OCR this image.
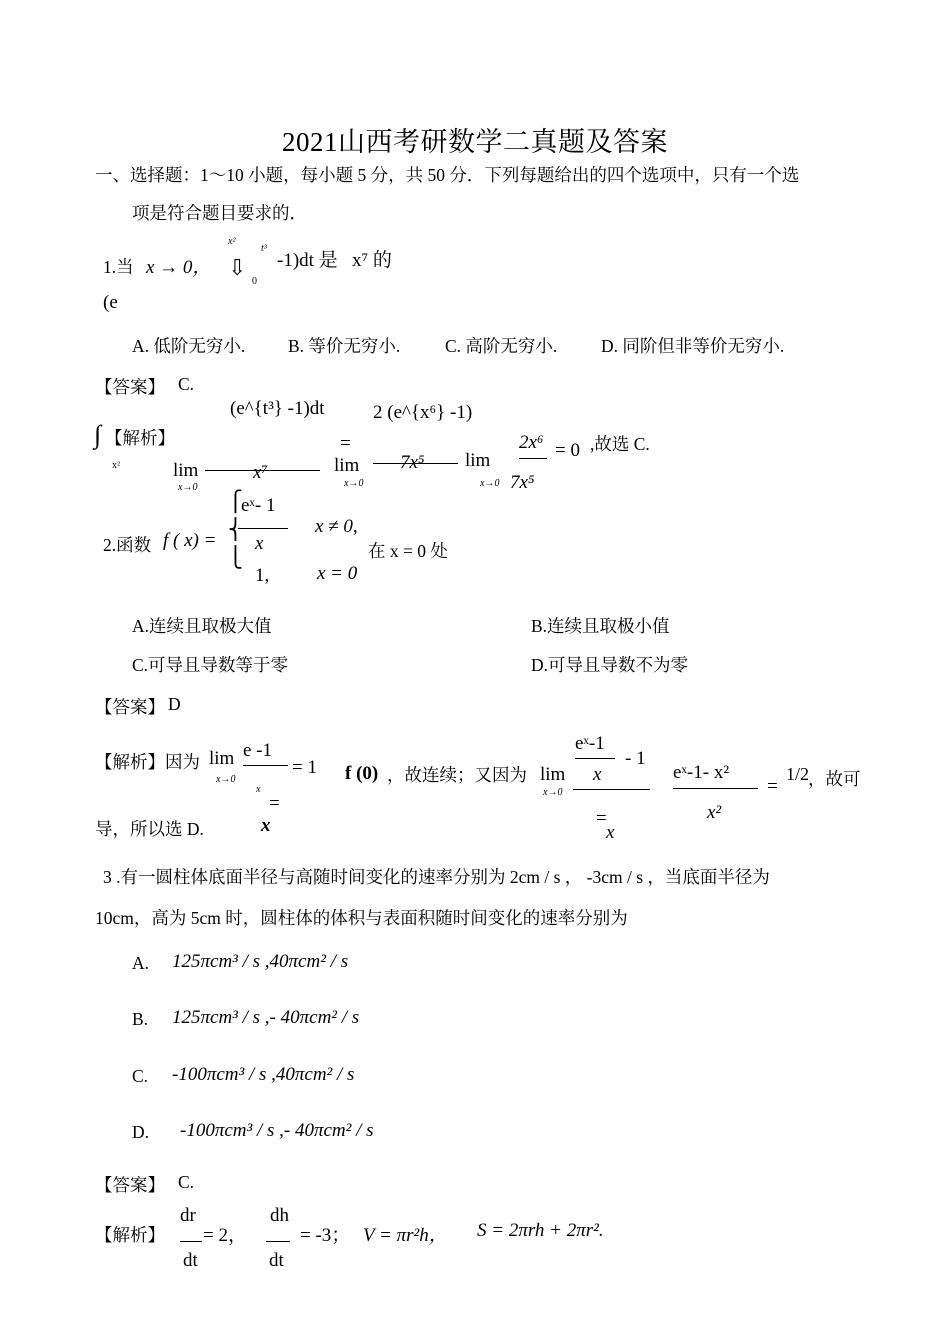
2021山西考研数学二真题及答案
一、选择题：1～10 小题，每小题 5 分，共 50 分．下列每题给出的四个选项中，只有一个选
项是符合题目要求的．
1.当 x → 0，
x²
⇩
0
t³
-1)dt 是 x⁷ 的
(e
A. 低阶无穷小. B. 等价无穷小.	C. 高阶无穷小. D. 同阶但非等价无穷小.
【答案】 C.
∫
x²
【解析】
(e^{t³} -1)dt
x⁷
lim
x→0
=
lim
x→0
2 (e^{x⁶} -1)
7x⁵ lim
x→0
2x⁶
7x⁵
= 0 ,故选 C.
2.函数 f ( x) =
⎧
⎨
⎩
eˣ- 1
x
x ≠ 0,
1,	x = 0
在 x = 0 处
A.连续且取极大值	B.连续且取极小值
C.可导且导数等于零	D.可导且导数不为零
【答案】 D
【解析】因为 lim
x→0
e -1
x
= 1
=
x
f (0) ，故连续；又因为 lim
x→0
eˣ-1
x
- 1
=
x
eˣ-1- x²
x²
=
1/2
，故可
导，所以选 D.
3 .有一圆柱体底面半径与高随时间变化的速率分别为 2cm / s ， -3cm / s ，当底面半径为
10cm，高为 5cm 时，圆柱体的体积与表面积随时间变化的速率分别为
A. 125πcm³ / s ,40πcm² / s
B. 125πcm³ / s ,- 40πcm² / s
C. -100πcm³ / s ,40πcm² / s
D. -100πcm³ / s ,- 40πcm² / s
【答案】 C.
【解析】
dr
dt
= 2，
dh
dt
= -3； V = πr²h， S = 2πrh + 2πr².
